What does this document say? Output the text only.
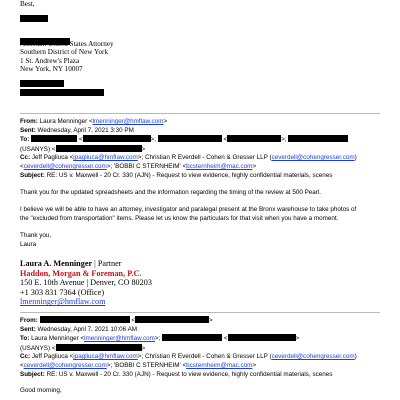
Best,
Assistant United States Attorney
Southern District of New York
1 St. Andrew's Plaza
New York, NY 10007
From: Laura Menninger <lmenninger@hmflaw.com>
Sent: Wednesday, April 7, 2021 3:30 PM
To:	<	>;	<	>;
(USANYS) <	>
Cc: Jeff Pagliuca <jpagliuca@hmflaw.com>; Christian R Everdell - Cohen & Gresser LLP (ceverdell@cohengresser.com)
<ceverdell@cohengresser.com>; 'BOBBI C STERNHEIM' <bcsternheim@mac.com>
Subject: RE: US v. Maxwell - 20 Cr. 330 (AJN) - Request to view evidence, highly confidential materials, scenes
Thank you for the updated spreadsheets and the information regarding the timing of the review at 500 Pearl.
I believe we will be able to have an attorney, investigator and paralegal present at the Bronx warehouse to take photos of
the "excluded from transportation" items. Please let us know the particulars for that visit when you have a moment.
Thank you,
Laura
Laura A. Menninger | Partner
Haddon, Morgan & Foreman, P.C.
150 E. 10th Avenue | Denver, CO 80203
+1 303 831 7364 (Office)
lmenninger@hmflaw.com
From:	<	>
Sent: Wednesday, April 7, 2021 10:06 AM
To: Laura Menninger <lmenninger@hmflaw.com>;	<	>
(USANYS) <	>
Cc: Jeff Pagliuca <jpagliuca@hmflaw.com>; Christian R Everdell - Cohen & Gresser LLP (ceverdell@cohengresser.com)
<ceverdell@cohengresser.com>; 'BOBBI C STERNHEIM' <bcsternheim@mac.com>
Subject: RE: US v. Maxwell - 20 Cr. 330 (AJN) - Request to view evidence, highly confidential materials, scenes
Good morning,
